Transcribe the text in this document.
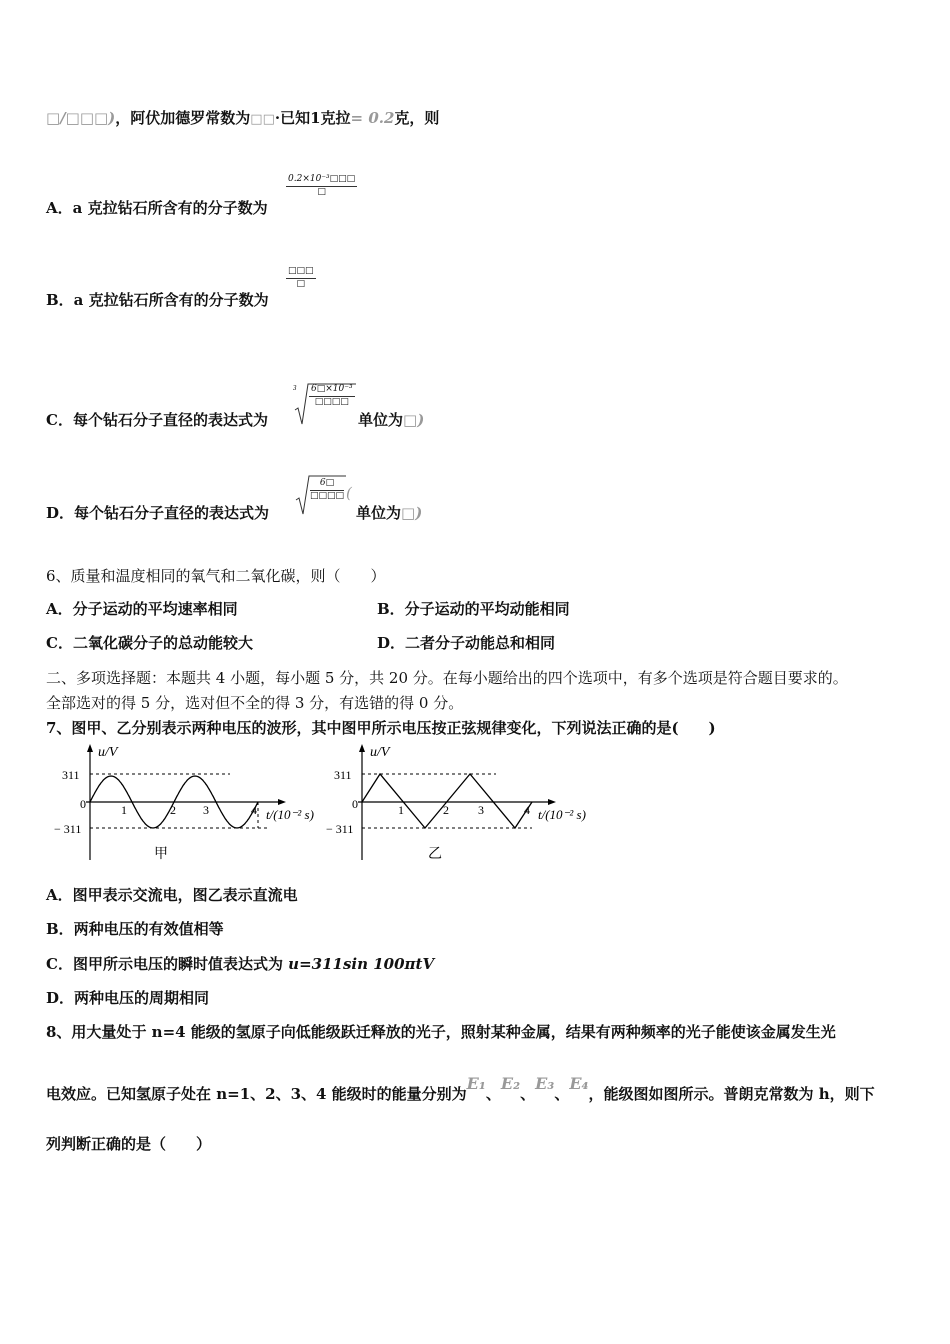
□/□□□)，阿伏加德罗常数为□□·已知1克拉= 0.2克，则
A．a 克拉钻石所含有的分子数为
$\frac{\text{0.2×10⁻³□□□}}{□}$
B．a 克拉钻石所含有的分子数为
$\frac{□□□}{□}$
C．每个钻石分子直径的表达式为
$3 \frac{\text{6□×10⁻³}}{□□□□}$
单位为□)
D．每个钻石分子直径的表达式为
$\frac{6□}{□□□□}$ (
单位为□)
6、质量和温度相同的氧气和二氧化碳，则（　　）
A．分子运动的平均速率相同	B．分子运动的平均动能相同
C．二氧化碳分子的总动能较大	D．二者分子动能总和相同
二、多项选择题：本题共 4 小题，每小题 5 分，共 20 分。在每小题给出的四个选项中，有多个选项是符合题目要求的。
全部选对的得 5 分，选对但不全的得 3 分，有选错的得 0 分。
7、图甲、乙分别表示两种电压的波形，其中图甲所示电压按正弦规律变化，下列说法正确的是(　　)
u/V
311
0
− 311
1	2 3	4 t/(10⁻² s)
甲
u/V
311
0
− 311
1	2 3	4 t/(10⁻² s)
乙
A．图甲表示交流电，图乙表示直流电
B．两种电压的有效值相等
C．图甲所示电压的瞬时值表达式为 u=311sin 100πtV
D．两种电压的周期相同
8、用大量处于 n=4 能级的氢原子向低能级跃迁释放的光子，照射某种金属，结果有两种频率的光子能使该金属发生光
电效应。已知氢原子处在 n=1、2、3、4 能级时的能量分别为E₁、E₂、E₃、E₄，能级图如图所示。普朗克常数为 h，则下
列判断正确的是（　　）
